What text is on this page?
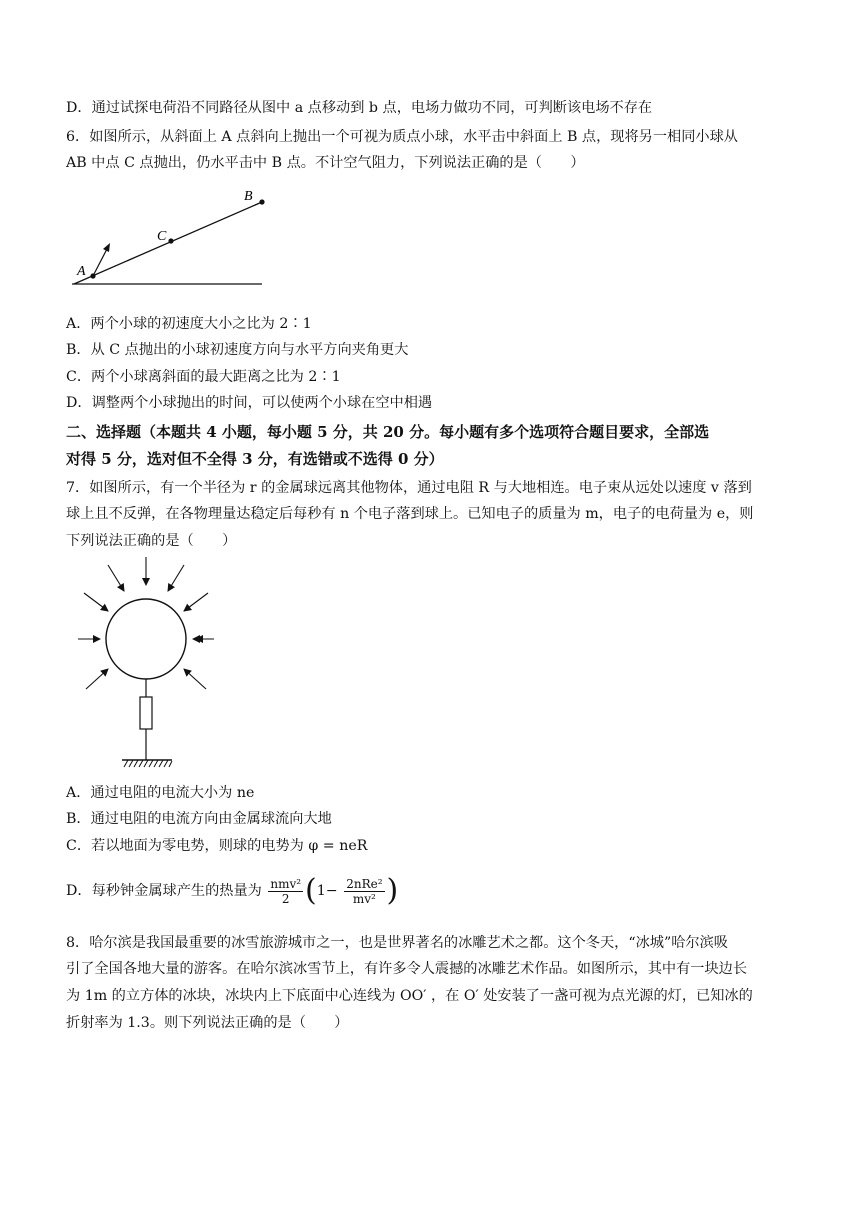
D．通过试探电荷沿不同路径从图中 a 点移动到 b 点，电场力做功不同，可判断该电场不存在
6．如图所示，从斜面上 A 点斜向上抛出一个可视为质点小球，水平击中斜面上 B 点，现将另一相同小球从
AB 中点 C 点抛出，仍水平击中 B 点。不计空气阻力，下列说法正确的是（　　）
A
C
B
A．两个小球的初速度大小之比为 2∶1
B．从 C 点抛出的小球初速度方向与水平方向夹角更大
C．两个小球离斜面的最大距离之比为 2∶1
D．调整两个小球抛出的时间，可以使两个小球在空中相遇
二、选择题（本题共 4 小题，每小题 5 分，共 20 分。每小题有多个选项符合题目要求，全部选
对得 5 分，选对但不全得 3 分，有选错或不选得 0 分）
7．如图所示，有一个半径为 r 的金属球远离其他物体，通过电阻 R 与大地相连。电子束从远处以速度 v 落到
球上且不反弹，在各物理量达稳定后每秒有 n 个电子落到球上。已知电子的质量为 m，电子的电荷量为 e，则
下列说法正确的是（　　）
A．通过电阻的电流大小为 ne
B．通过电阻的电流方向由金属球流向大地
C．若以地面为零电势，则球的电势为 φ = neR
D．每秒钟金属球产生的热量为 $\frac{\text{nmv²}}{2} (1- \frac{\text{2nRe²}}{\text{mv²}}$ )
8．哈尔滨是我国最重要的冰雪旅游城市之一，也是世界著名的冰雕艺术之都。这个冬天，“冰城”哈尔滨吸
引了全国各地大量的游客。在哈尔滨冰雪节上，有许多令人震撼的冰雕艺术作品。如图所示，其中有一块边长
为 1m 的立方体的冰块，冰块内上下底面中心连线为 OO′ ，在 O′ 处安装了一盏可视为点光源的灯，已知冰的
折射率为 1.3。则下列说法正确的是（　　）
